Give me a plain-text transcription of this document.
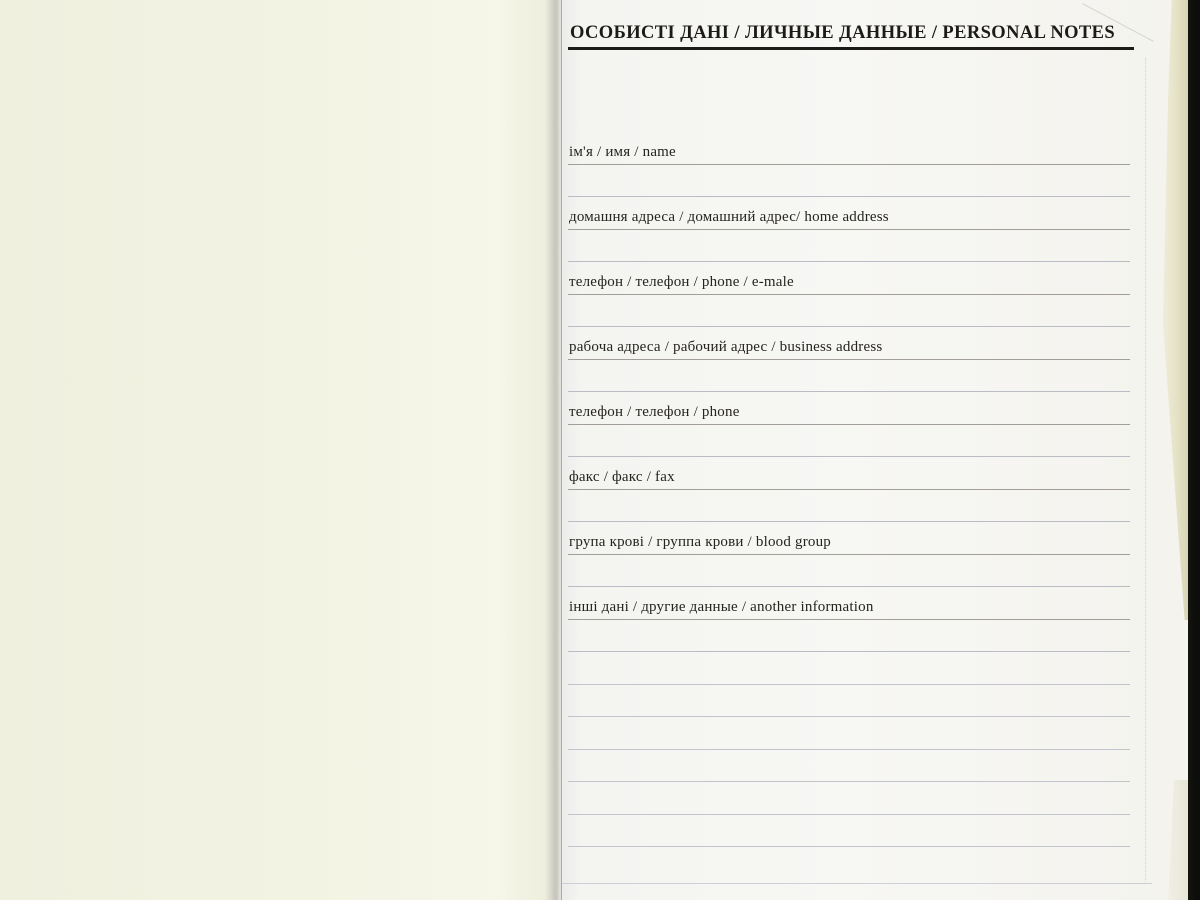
ОСОБИСТІ ДАНІ / ЛИЧНЫЕ ДАННЫЕ / PERSONAL NOTES
ім'я / имя / name
домашня адреса / домашний адрес/ home address
телефон / телефон / phone / e-male
рабоча адреса / рабочий адрес / business address
телефон / телефон / phone
факс / факс / fax
група крові / группа крови / blood group
інші дані / другие данные / another information
